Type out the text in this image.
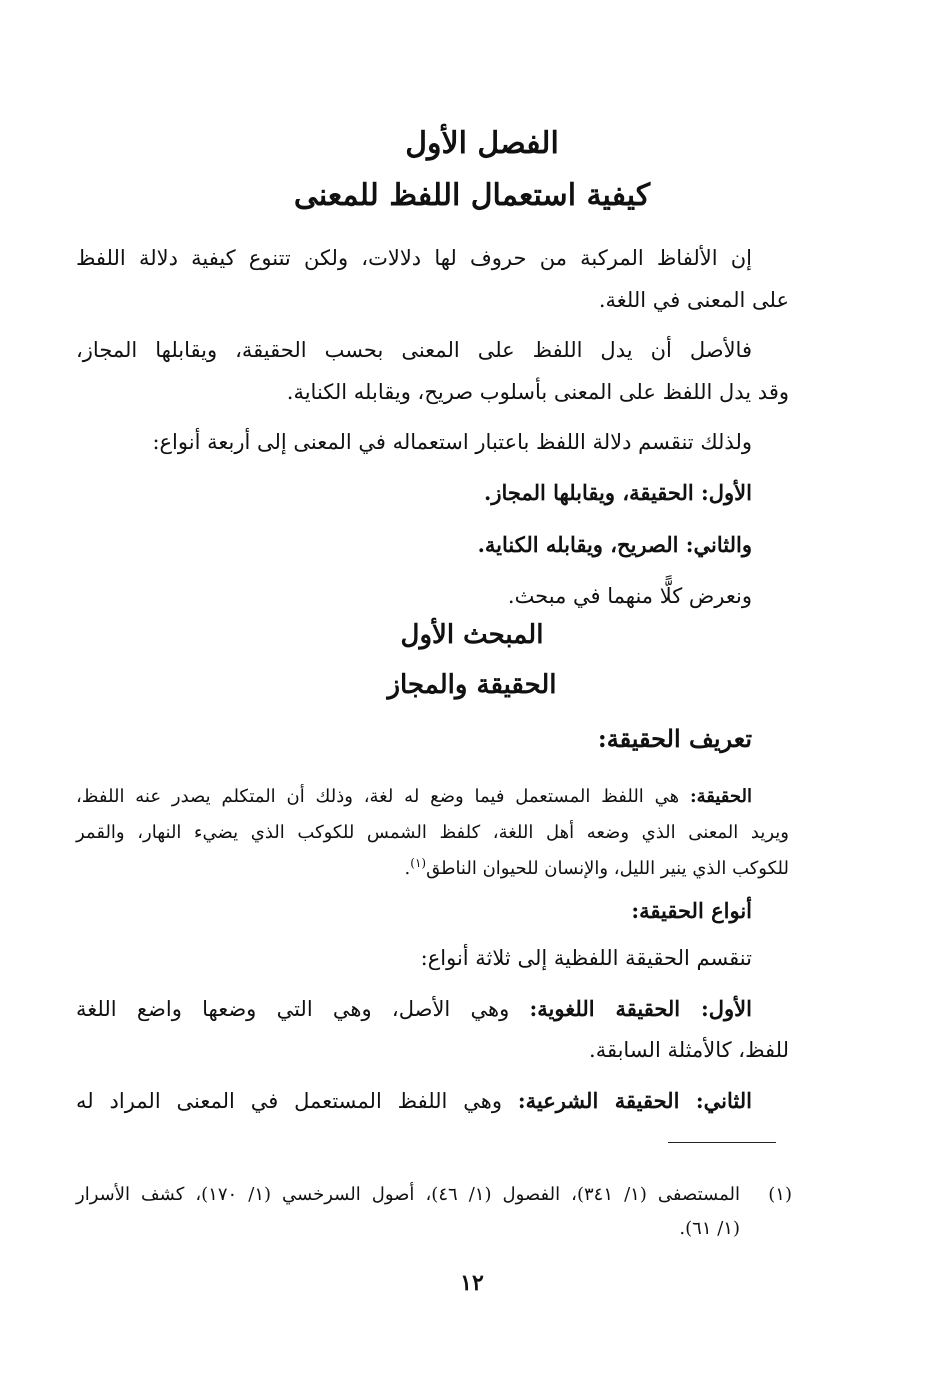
الفصل الأول
كيفية استعمال اللفظ للمعنى
إن الألفاظ المركبة من حروف لها دلالات، ولكن تتنوع كيفية دلالة اللفظ
على المعنى في اللغة.
فالأصل أن يدل اللفظ على المعنى بحسب الحقيقة، ويقابلها المجاز،
وقد يدل اللفظ على المعنى بأسلوب صريح، ويقابله الكناية.
ولذلك تنقسم دلالة اللفظ باعتبار استعماله في المعنى إلى أربعة أنواع:
الأول: الحقيقة، ويقابلها المجاز.
والثاني: الصريح، ويقابله الكناية.
ونعرض كلًّا منهما في مبحث.
المبحث الأول
الحقيقة والمجاز
تعريف الحقيقة:
الحقيقة: هي اللفظ المستعمل فيما وضع له لغة، وذلك أن المتكلم يصدر عنه اللفظ،
ويريد المعنى الذي وضعه أهل اللغة، كلفظ الشمس للكوكب الذي يضيء النهار، والقمر
للكوكب الذي ينير الليل، والإنسان للحيوان الناطق$^{(١)}$.
أنواع الحقيقة:
تنقسم الحقيقة اللفظية إلى ثلاثة أنواع:
الأول: الحقيقة اللغوية: وهي الأصل، وهي التي وضعها واضع اللغة
للفظ، كالأمثلة السابقة.
الثاني: الحقيقة الشرعية: وهي اللفظ المستعمل في المعنى المراد له
(١)
المستصفى (١/ ٣٤١)، الفصول (١/ ٤٦)، أصول السرخسي (١/ ١٧٠)، كشف الأسرار
(١/ ٦١).
١٢
